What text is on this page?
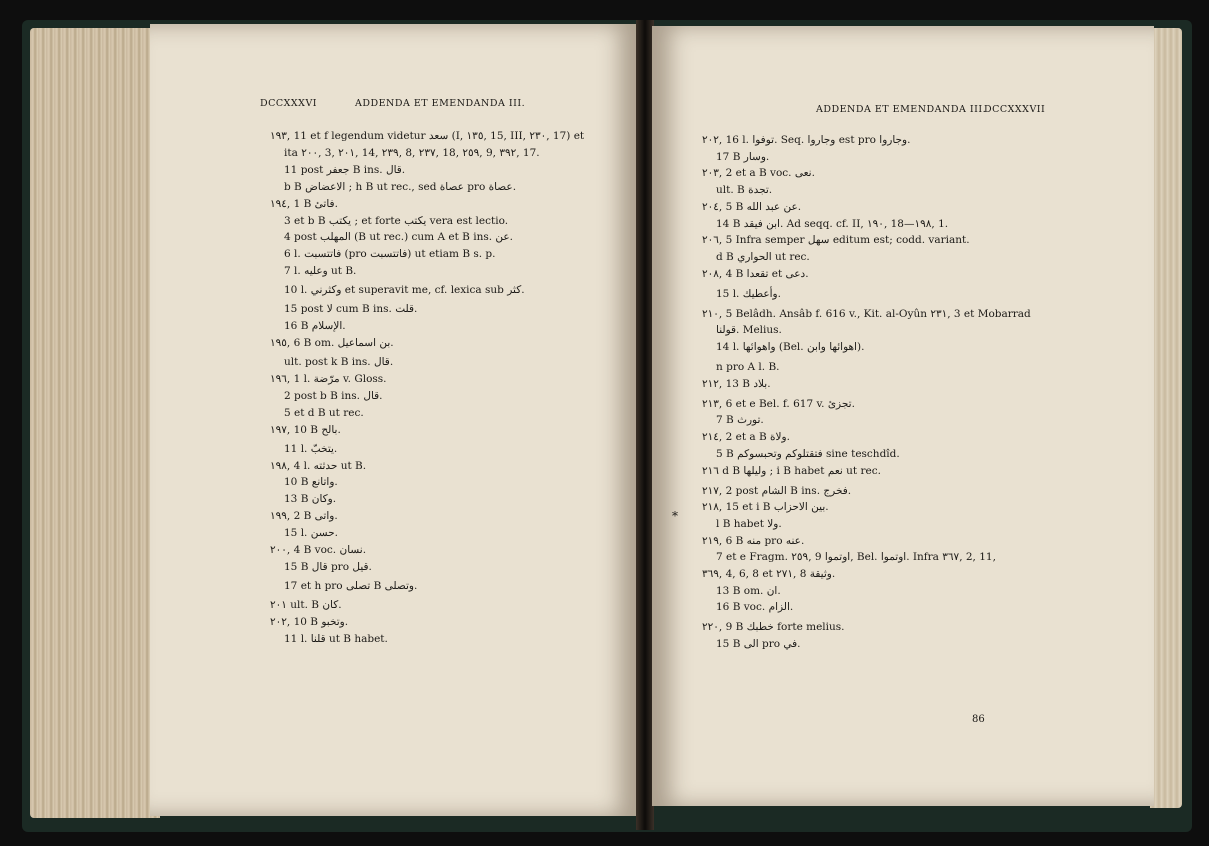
DCCXXXVI	ADDENDA ET EMENDANDA III.
١٩٣, 11 et f legendum videtur سعد (I, ١٣٥, 15, III, ٢٣٠, 17) et
ita ٢٠٠, 3, ٢٠١, 14, ٢٣٩, 8, ٢٣٧, 18, ٢٥٩, 9, ٣٩٢, 17.
11 post جعفر B ins. قال.
b B الاعضاض ; h B ut rec., sed عصاة pro عصاة.
١٩٤, 1 B فاتئ.
3 et b B يكتب ; et forte يكتب vera est lectio.
4 post المهلب (B ut rec.) cum A et B ins. عن.
6 l. فاتتسبت (pro فاتتسبت) ut etiam B s. p.
7 l. وعليه ut B.
10 l. وكثرني et superavit me, cf. lexica sub كثر.
15 post لا cum B ins. قلت.
16 B الإسلام.
١٩٥, 6 B om. بن اسماعيل.
ult. post k B ins. قال.
١٩٦, 1 l. مرّضة v. Gloss.
2 post b B ins. قال.
5 et d B ut rec.
١٩٧, 10 B بالح.
11 l. يتخبّ.
١٩٨, 4 l. حدثته ut B.
10 B واتانع.
13 B وكان.
١٩٩, 2 B واتى.
15 l. حسن.
٢٠٠, 4 B voc. نسان.
15 B قال pro قيل.
17 et h pro تصلى B وتصلى.
٢٠١ ult. B كان.
٢٠٢, 10 B وتخبو.
11 l. قلنا ut B habet.
ADDENDA ET EMENDANDA III.
DCCXXXVII
*
٢٠٢, 16 l. توفوا. Seq. وجاروا est pro وجاروا.
17 B وسار.
٢٠٣, 2 et a B voc. نعى.
ult. B تجدة.
٢٠٤, 5 B عن عبد الله.
14 B ابن فيقد. Ad seqq. cf. II, ١٩٠, 18—١٩٨, 1.
٢٠٦, 5 Infra semper سهل editum est; codd. variant.
d B الحواري ut rec.
٢٠٨, 4 B تقعدا et دعى.
15 l. وأعطيك.
٢١٠, 5 Belâdh. Ansâb f. 616 v., Kit. al-Oyûn ٢٣١, 3 et Mobarrad
قولنا. Melius.
14 l. واهوائها (Bel. اهوائها وابن).
n pro A l. B.
٢١٢, 13 B بلاد.
٢١٣, 6 et e Bel. f. 617 v. تجزئ.
7 B تورث.
٢١٤, 2 et a B ولاة.
5 B فتقتلوكم وتحبسوكم sine teschdîd.
٢١٦ d B وليلها ; i B habet نعم ut rec.
٢١٧, 2 post الشام B ins. فخرج.
٢١٨, 15 et i B بين الاحزاب.
l B habet ولا.
٢١٩, 6 B منه pro عنه.
7 et e Fragm. ٢٥٩, 9 اوتموا, Bel. اوتموا. Infra ٣٦٧, 2, 11,
٣٦٩, 4, 6, 8 et ٢٧١, 8 وثيقة.
13 B om. ان.
16 B voc. الزام.
٢٢٠, 9 B خطبك forte melius.
15 B الى pro في.
86
